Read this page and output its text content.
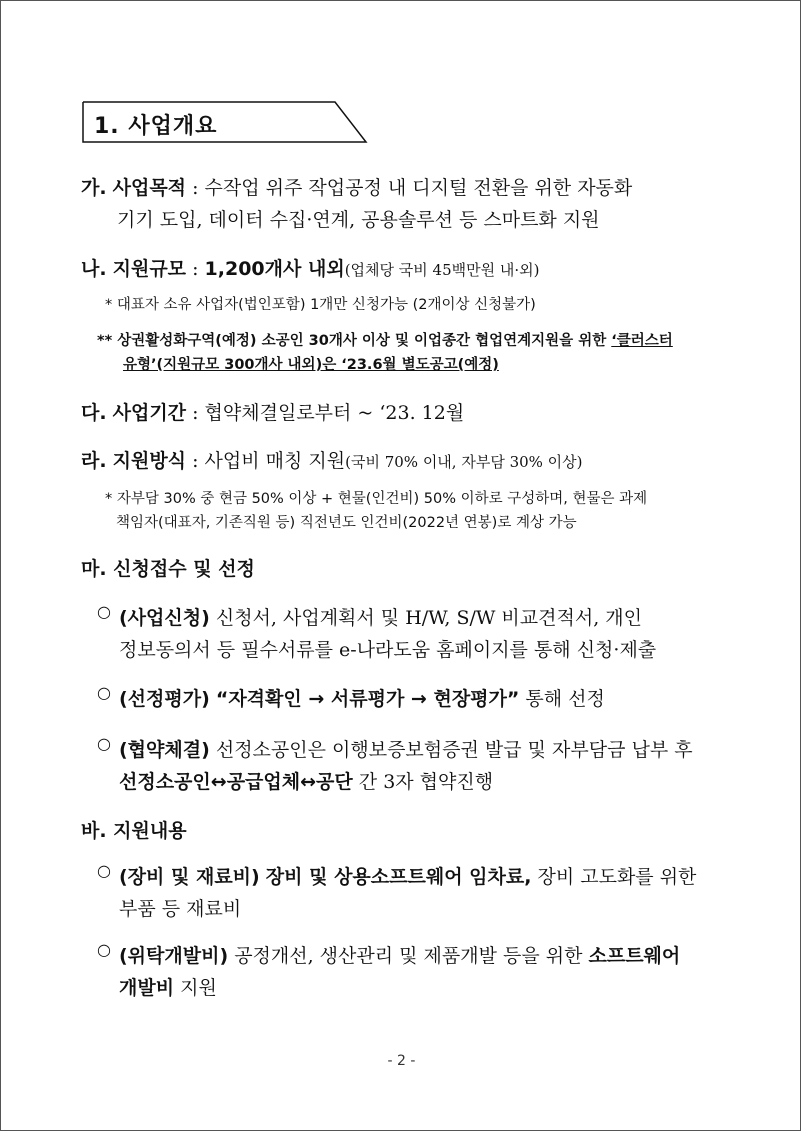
1. 사업개요
가. 사업목적 : 수작업 위주 작업공정 내 디지털 전환을 위한 자동화
기기 도입, 데이터 수집·연계, 공용솔루션 등 스마트화 지원
나. 지원규모 : 1,200개사 내외(업체당 국비 45백만원 내·외)
* 대표자 소유 사업자(법인포함) 1개만 신청가능 (2개이상 신청불가)
** 상권활성화구역(예정) 소공인 30개사 이상 및 이업종간 협업연계지원을 위한 ‘클러스터
유형’(지원규모 300개사 내외)은 ‘23.6월 별도공고(예정)
다. 사업기간 : 협약체결일로부터 ~ ‘23. 12월
라. 지원방식 : 사업비 매칭 지원(국비 70% 이내, 자부담 30% 이상)
* 자부담 30% 중 현금 50% 이상 + 현물(인건비) 50% 이하로 구성하며, 현물은 과제
책임자(대표자, 기존직원 등) 직전년도 인건비(2022년 연봉)로 계상 가능
마. 신청접수 및 선정
○ (사업신청) 신청서, 사업계획서 및 H/W, S/W 비교견적서, 개인
정보동의서 등 필수서류를 e-나라도움 홈페이지를 통해 신청·제출
○ (선정평가) “자격확인 → 서류평가 → 현장평가” 통해 선정
○ (협약체결) 선정소공인은 이행보증보험증권 발급 및 자부담금 납부 후
선정소공인↔공급업체↔공단 간 3자 협약진행
바. 지원내용
○ (장비 및 재료비) 장비 및 상용소프트웨어 임차료, 장비 고도화를 위한
부품 등 재료비
○ (위탁개발비) 공정개선, 생산관리 및 제품개발 등을 위한 소프트웨어
개발비 지원
- 2 -
